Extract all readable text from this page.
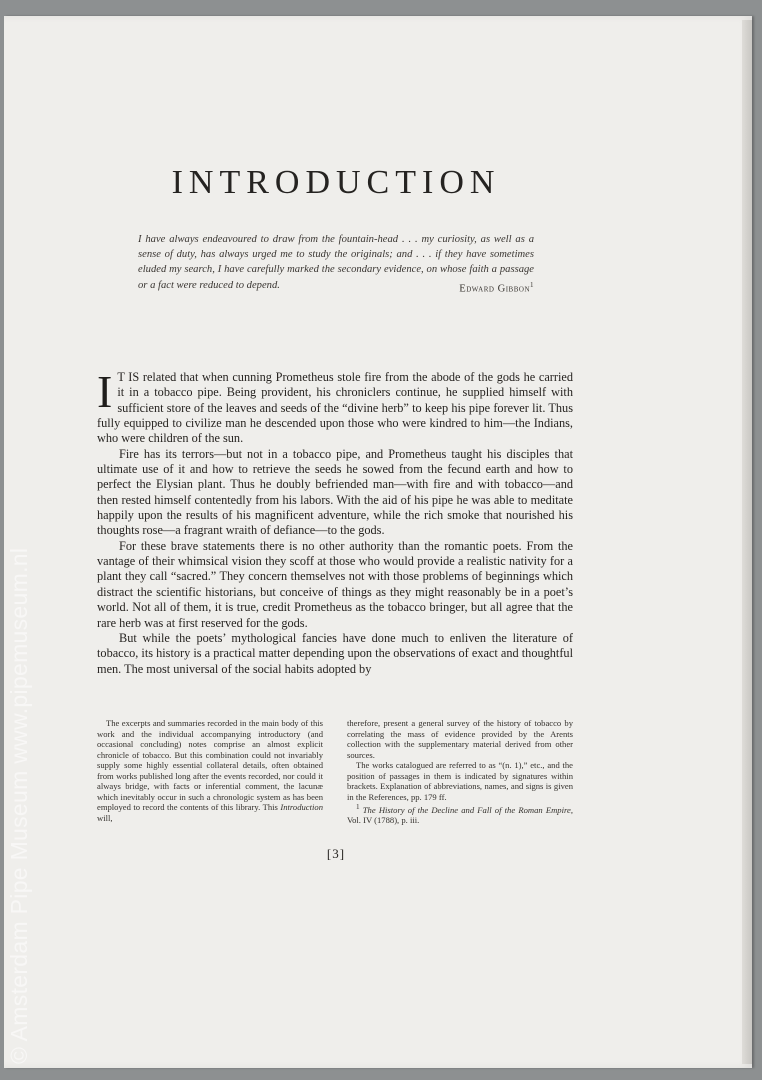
© Amsterdam Pipe Museum www.pipemuseum.nl
INTRODUCTION
I have always endeavoured to draw from the fountain-head . . . my curiosity, as well as a sense of duty, has always urged me to study the originals; and . . . if they have sometimes eluded my search, I have carefully marked the secondary evidence, on whose faith a passage or a fact were reduced to depend.	Edward Gibbon$^1$

I T IS related that when cunning Prometheus stole fire from the abode of the gods he carried it in a tobacco pipe. Being provident, his chroniclers continue, he supplied himself with sufficient store of the leaves and seeds of the “divine herb” to keep his pipe forever lit. Thus fully equipped to civilize man he descended upon those who were kindred to him—the Indians, who were children of the sun.

Fire has its terrors—but not in a tobacco pipe, and Prometheus taught his disciples that ultimate use of it and how to retrieve the seeds he sowed from the fecund earth and how to perfect the Elysian plant. Thus he doubly befriended man—with fire and with tobacco—and then rested himself contentedly from his labors. With the aid of his pipe he was able to meditate happily upon the results of his magnificent adventure, while the rich smoke that nourished his thoughts rose—a fragrant wraith of defiance—to the gods.

For these brave statements there is no other authority than the romantic poets. From the vantage of their whimsical vision they scoff at those who would provide a realistic nativity for a plant they call “sacred.” They concern themselves not with those problems of beginnings which distract the scientific historians, but conceive of things as they might reasonably be in a poet’s world. Not all of them, it is true, credit Prometheus as the tobacco bringer, but all agree that the rare herb was at first reserved for the gods.

But while the poets’ mythological fancies have done much to enliven the literature of tobacco, its history is a practical matter depending upon the observations of exact and thoughtful men. The most universal of the social habits adopted by

The excerpts and summaries recorded in the main body of this work and the individual accompanying introductory (and occasional concluding) notes comprise an almost explicit chronicle of tobacco. But this combination could not invariably supply some highly essential collateral details, often obtained from works published long after the events recorded, nor could it always bridge, with facts or inferential comment, the lacunæ which inevitably occur in such a chronologic system as has been employed to record the contents of this library. This Introduction will,

therefore, present a general survey of the history of tobacco by correlating the mass of evidence provided by the Arents collection with the supplementary material derived from other sources.

The works catalogued are referred to as “(n. 1),” etc., and the position of passages in them is indicated by signatures within brackets. Explanation of abbreviations, names, and signs is given in the References, pp. 179 ff.

$^1$ The History of the Decline and Fall of the Roman Empire, Vol. IV (1788), p. iii.

[3]
